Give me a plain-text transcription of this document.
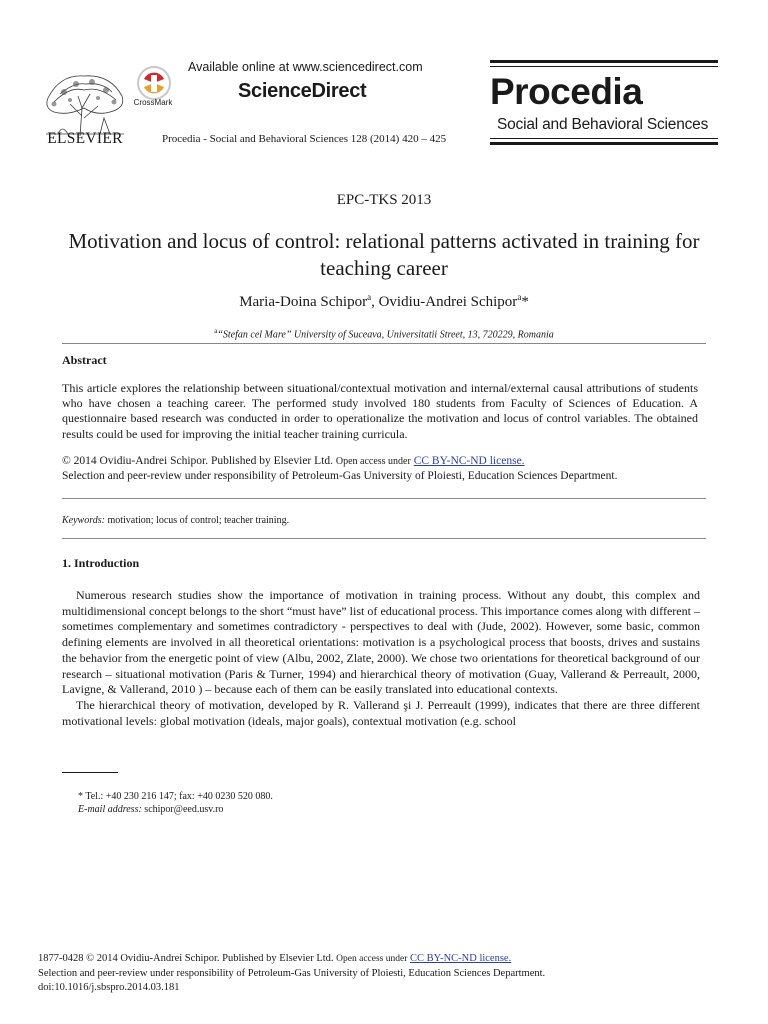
ELSEVIER
CrossMark
Available online at www.sciencedirect.com
ScienceDirect
Procedia - Social and Behavioral Sciences 128 (2014) 420 – 425
Procedia
Social and Behavioral Sciences
EPC-TKS 2013
Motivation and locus of control: relational patterns activated in training for teaching career
Maria-Doina Schipor$^a$, Ovidiu-Andrei Schipor$^a$*
$^a$“Stefan cel Mare” University of Suceava, Universitatii Street, 13, 720229, Romania
Abstract
This article explores the relationship between situational/contextual motivation and internal/external causal attributions of students who have chosen a teaching career. The performed study involved 180 students from Faculty of Sciences of Education. A questionnaire based research was conducted in order to operationalize the motivation and locus of control variables. The obtained results could be used for improving the initial teacher training curricula.
© 2014 Ovidiu-Andrei Schipor. Published by Elsevier Ltd. Open access under CC BY-NC-ND license.
Selection and peer-review under responsibility of Petroleum-Gas University of Ploiesti, Education Sciences Department.
Keywords: motivation; locus of control; teacher training.
1. Introduction

Numerous research studies show the importance of motivation in training process. Without any doubt, this complex and multidimensional concept belongs to the short “must have” list of educational process. This importance comes along with different – sometimes complementary and sometimes contradictory - perspectives to deal with (Jude, 2002). However, some basic, common defining elements are involved in all theoretical orientations: motivation is a psychological process that boosts, drives and sustains the behavior from the energetic point of view (Albu, 2002, Zlate, 2000). We chose two orientations for theoretical background of our research – situational motivation (Paris & Turner, 1994) and hierarchical theory of motivation (Guay, Vallerand & Perreault, 2000, Lavigne, & Vallerand, 2010 ) – because each of them can be easily translated into educational contexts.

The hierarchical theory of motivation, developed by R. Vallerand şi J. Perreault (1999), indicates that there are three different motivational levels: global motivation (ideals, major goals), contextual motivation (e.g. school

* Tel.: +40 230 216 147; fax: +40 0230 520 080.
E-mail address: schipor@eed.usv.ro
1877-0428 © 2014 Ovidiu-Andrei Schipor. Published by Elsevier Ltd. Open access under CC BY-NC-ND license.
Selection and peer-review under responsibility of Petroleum-Gas University of Ploiesti, Education Sciences Department.
doi:10.1016/j.sbspro.2014.03.181
